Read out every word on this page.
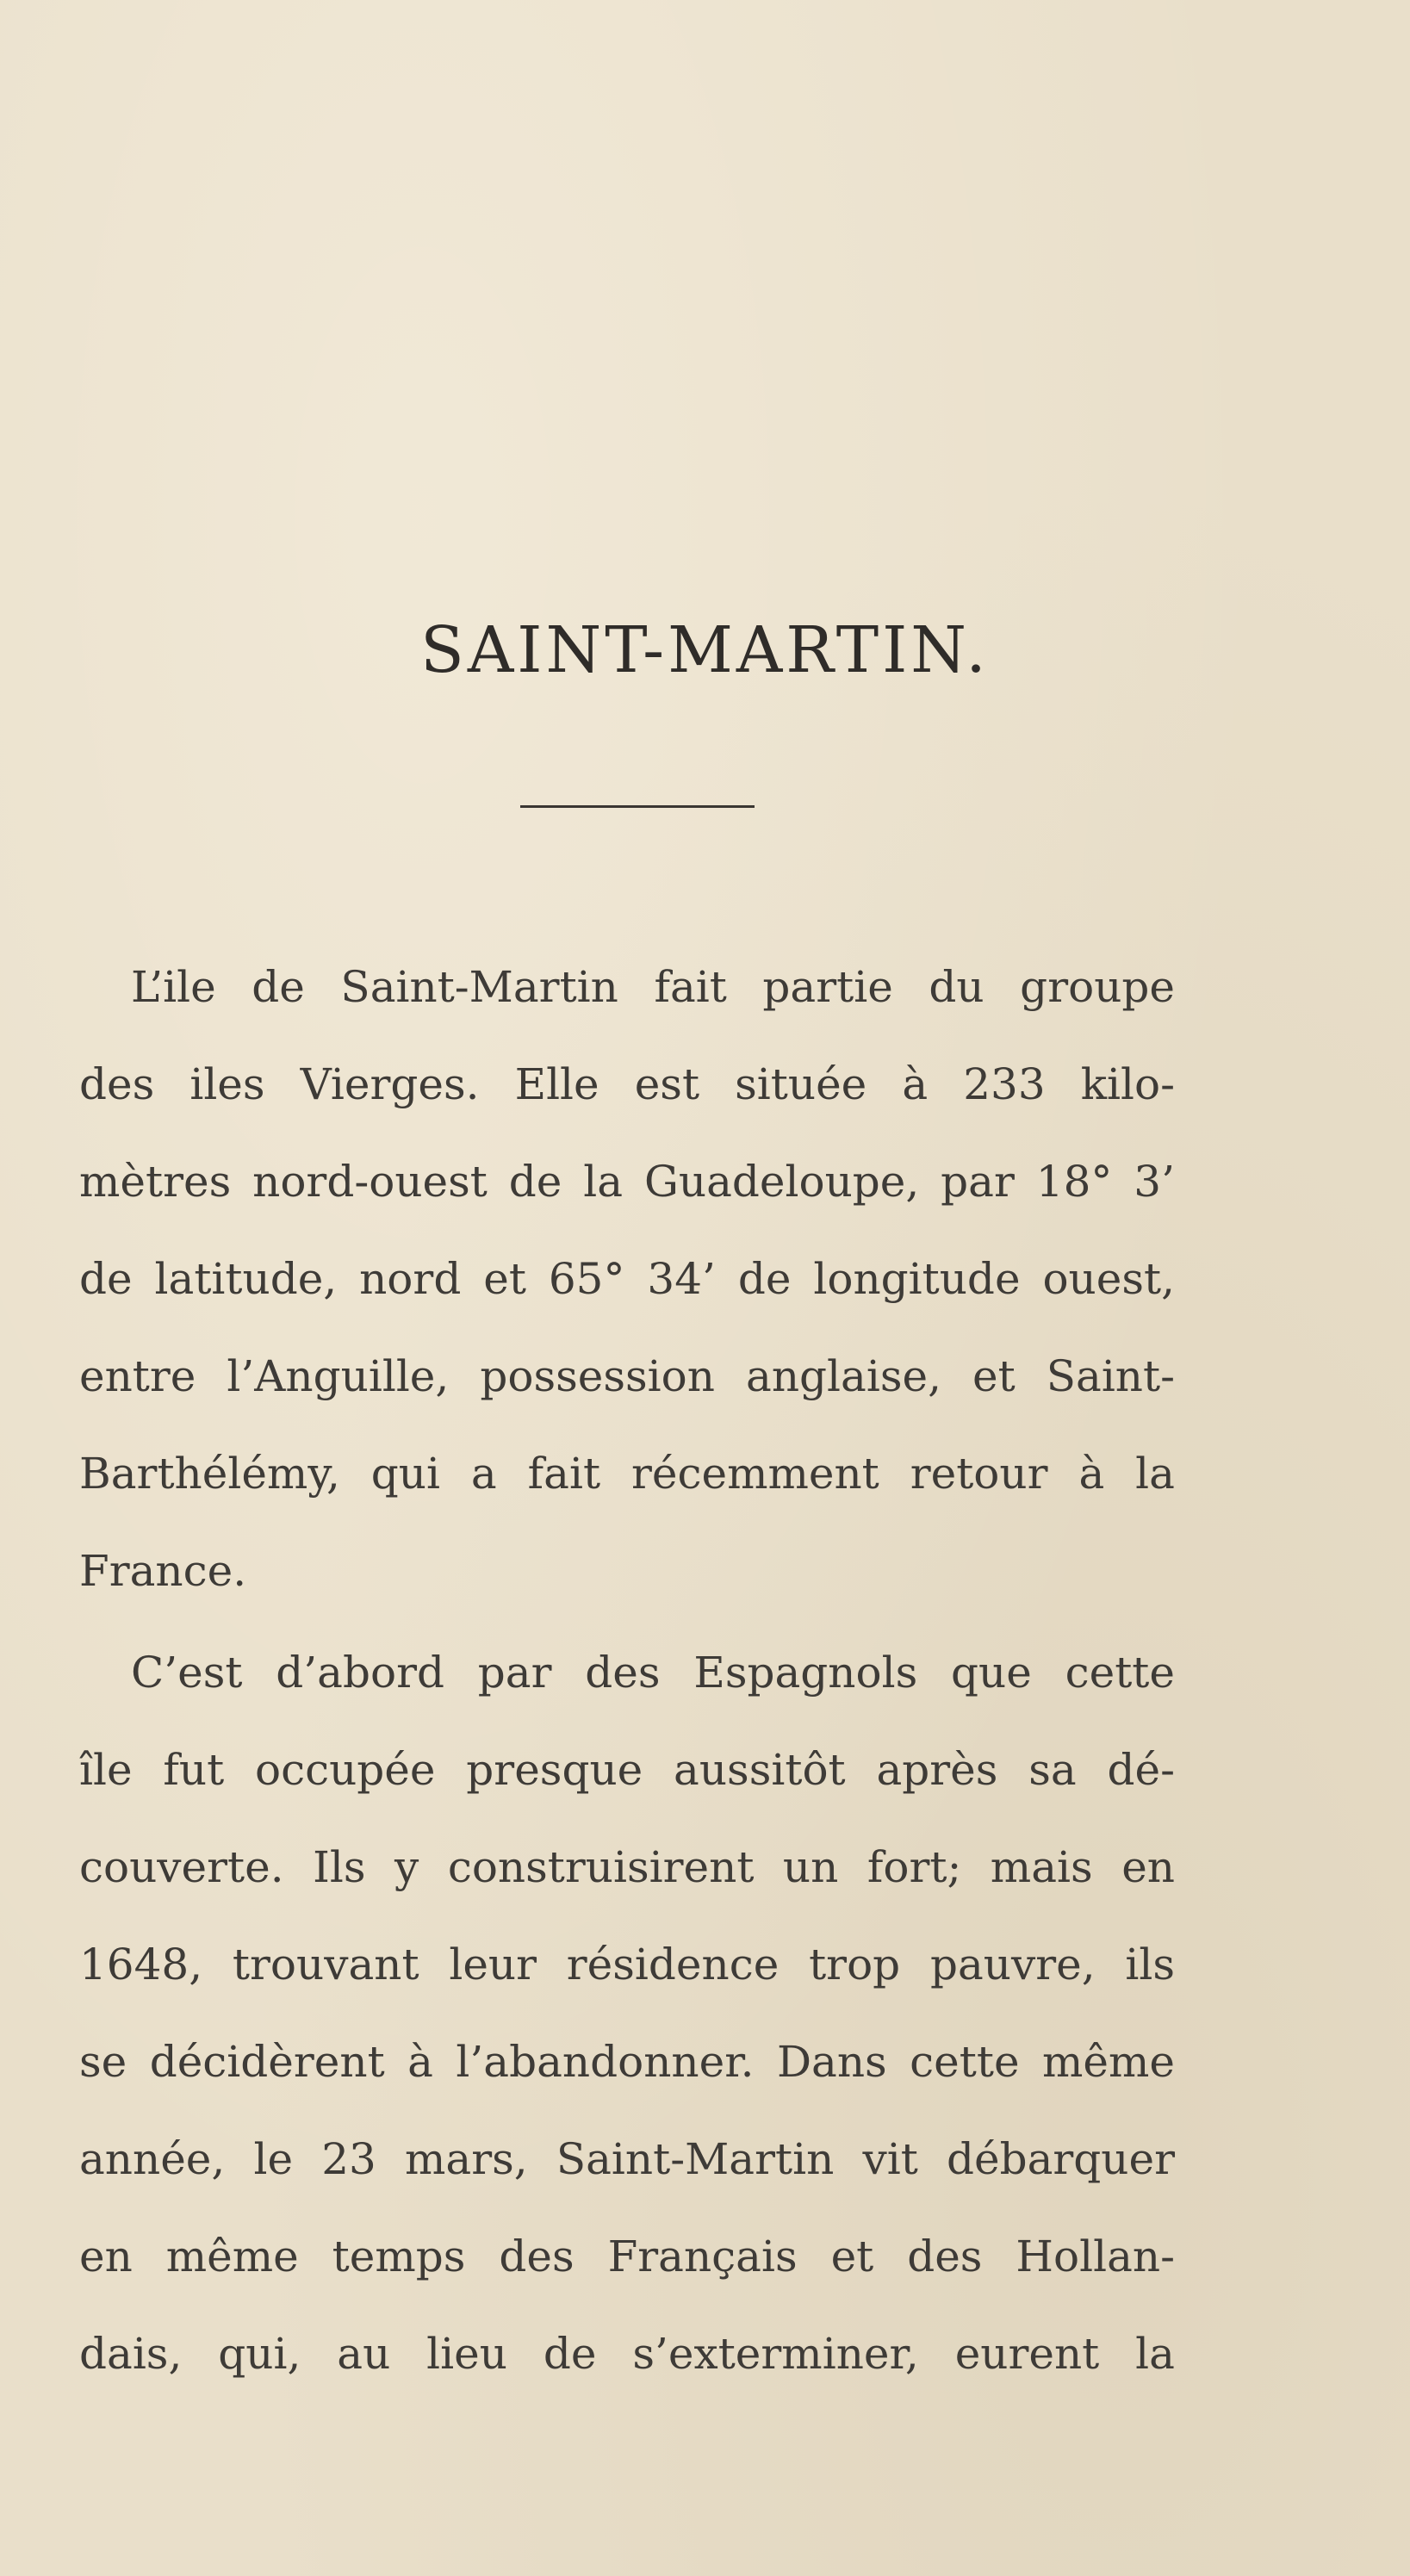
SAINT-MARTIN.

L’ile de Saint-Martin fait partie du groupe
des iles Vierges. Elle est située à 233 kilo-
mètres nord-ouest de la Guadeloupe, par 18° 3’
de latitude, nord et 65° 34’ de longitude ouest,
entre l’Anguille, possession anglaise, et Saint-
Barthélémy, qui a fait récemment retour à la
France.

C’est d’abord par des Espagnols que cette
île fut occupée presque aussitôt après sa dé-
couverte. Ils y construisirent un fort; mais en
1648, trouvant leur résidence trop pauvre, ils
se décidèrent à l’abandonner. Dans cette même
année, le 23 mars, Saint-Martin vit débarquer
en même temps des Français et des Hollan-
dais, qui, au lieu de s’exterminer, eurent la
